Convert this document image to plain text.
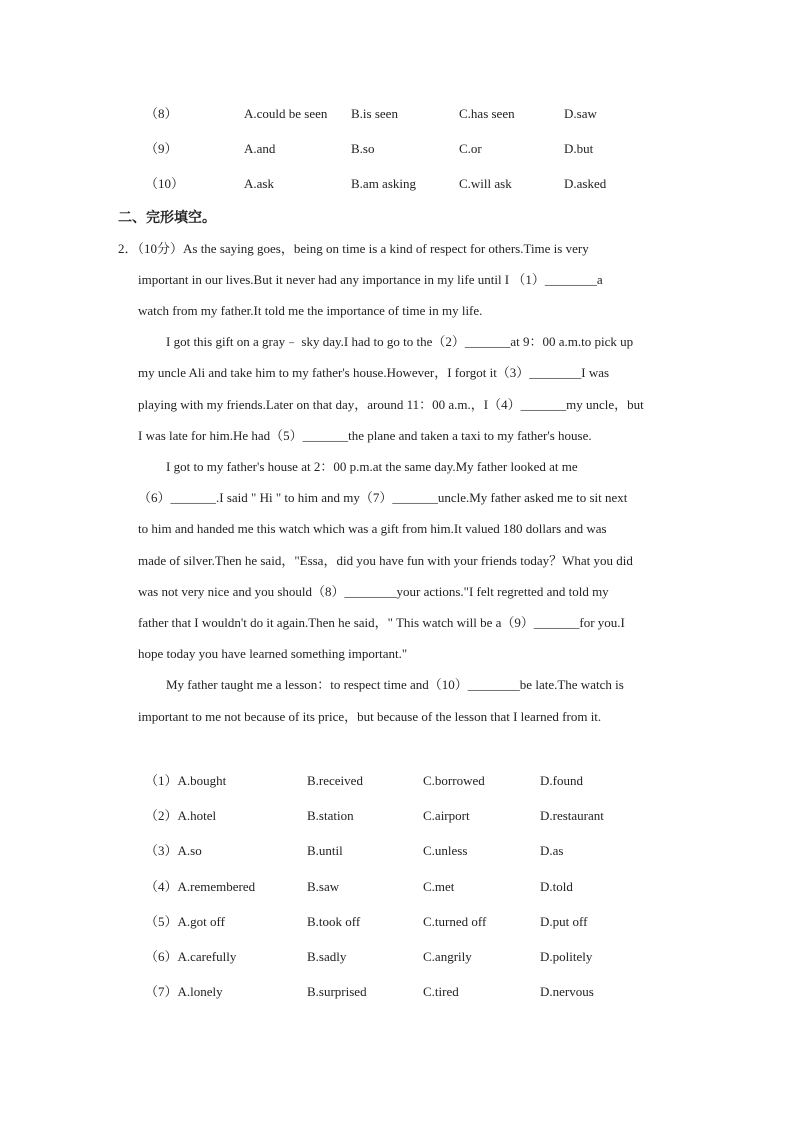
（8）	A.could be seen B.is seen	C.has seen	D.saw
（9）	A.and	B.so	C.or	D.but
（10）	A.ask	B.am asking	C.will ask	D.asked
二、完形填空。
2．（10分）As the saying goes，being on time is a kind of respect for others.Time is very
important in our lives.But it never had any importance in my life until I （1）________a
watch from my father.It told me the importance of time in my life.
I got this gift on a gray﹣ sky day.I had to go to the（2）_______at 9：00 a.m.to pick up
my uncle Ali and take him to my father's house.However，I forgot it（3）________I was
playing with my friends.Later on that day，around 11：00 a.m.，I（4）_______my uncle，but
I was late for him.He had（5）_______the plane and taken a taxi to my father's house.
I got to my father's house at 2：00 p.m.at the same day.My father looked at me
（6）_______.I said " Hi " to him and my（7）_______uncle.My father asked me to sit next
to him and handed me this watch which was a gift from him.It valued 180 dollars and was
made of silver.Then he said，"Essa，did you have fun with your friends today？What you did
was not very nice and you should（8）________your actions."I felt regretted and told my
father that I wouldn't do it again.Then he said，" This watch will be a（9）_______for you.I
hope today you have learned something important."
My father taught me a lesson：to respect time and（10）________be late.The watch is
important to me not because of its price，but because of the lesson that I learned from it.
（1）A.bought	B.received	C.borrowed	D.found
（2）A.hotel	B.station	C.airport	D.restaurant
（3）A.so	B.until	C.unless	D.as
（4）A.remembered	B.saw	C.met	D.told
（5）A.got off	B.took off	C.turned off	D.put off
（6）A.carefully	B.sadly	C.angrily	D.politely
（7）A.lonely	B.surprised	C.tired	D.nervous
